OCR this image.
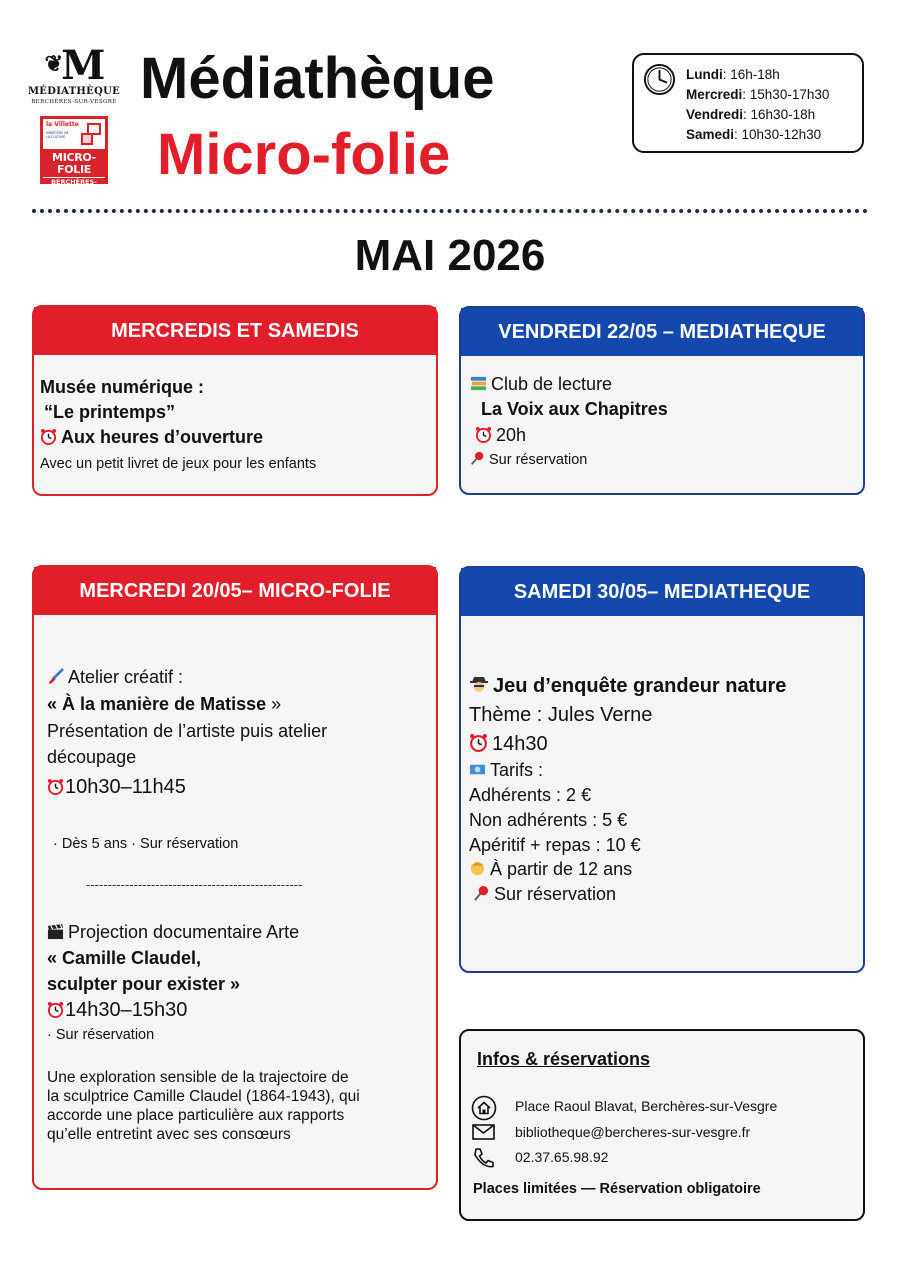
❦M
MÉDIATHÈQUE
BERCHÈRES-SUR-VESGRE
la Villette
MINISTÈRE DE LA CULTURE
MICRO-FOLIE
BERCHÈRES-SUR-VESGRE
Médiathèque
Micro-folie
Lundi: 16h-18h
Mercredi: 15h30-17h30
Vendredi: 16h30-18h
Samedi: 10h30-12h30
MAI 2026
MERCREDIS ET SAMEDIS
Musée numérique :
“Le printemps”
Aux heures d’ouverture
Avec un petit livret de jeux pour les enfants
VENDREDI 22/05 – MEDIATHEQUE
Club de lecture
La Voix aux Chapitres
20h
Sur réservation
MERCREDI 20/05– MICRO-FOLIE
Atelier créatif :
« À la manière de Matisse »
Présentation de l’artiste puis atelier
découpage
10h30–11h45
· Dès 5 ans · Sur réservation
--------------------------------------------------
Projection documentaire Arte
« Camille Claudel,
sculpter pour exister »
14h30–15h30
· Sur réservation
Une exploration sensible de la trajectoire de
la sculptrice Camille Claudel (1864-1943), qui
accorde une place particulière aux rapports
qu’elle entretint avec ses consœurs
SAMEDI 30/05– MEDIATHEQUE
Jeu d’enquête grandeur nature
Thème : Jules Verne
14h30
Tarifs :
Adhérents : 2 €
Non adhérents : 5 €
Apéritif + repas : 10 €
À partir de 12 ans
Sur réservation
Infos & réservations
Place Raoul Blavat, Berchères-sur-Vesgre
bibliotheque@bercheres-sur-vesgre.fr
02.37.65.98.92
Places limitées — Réservation obligatoire
